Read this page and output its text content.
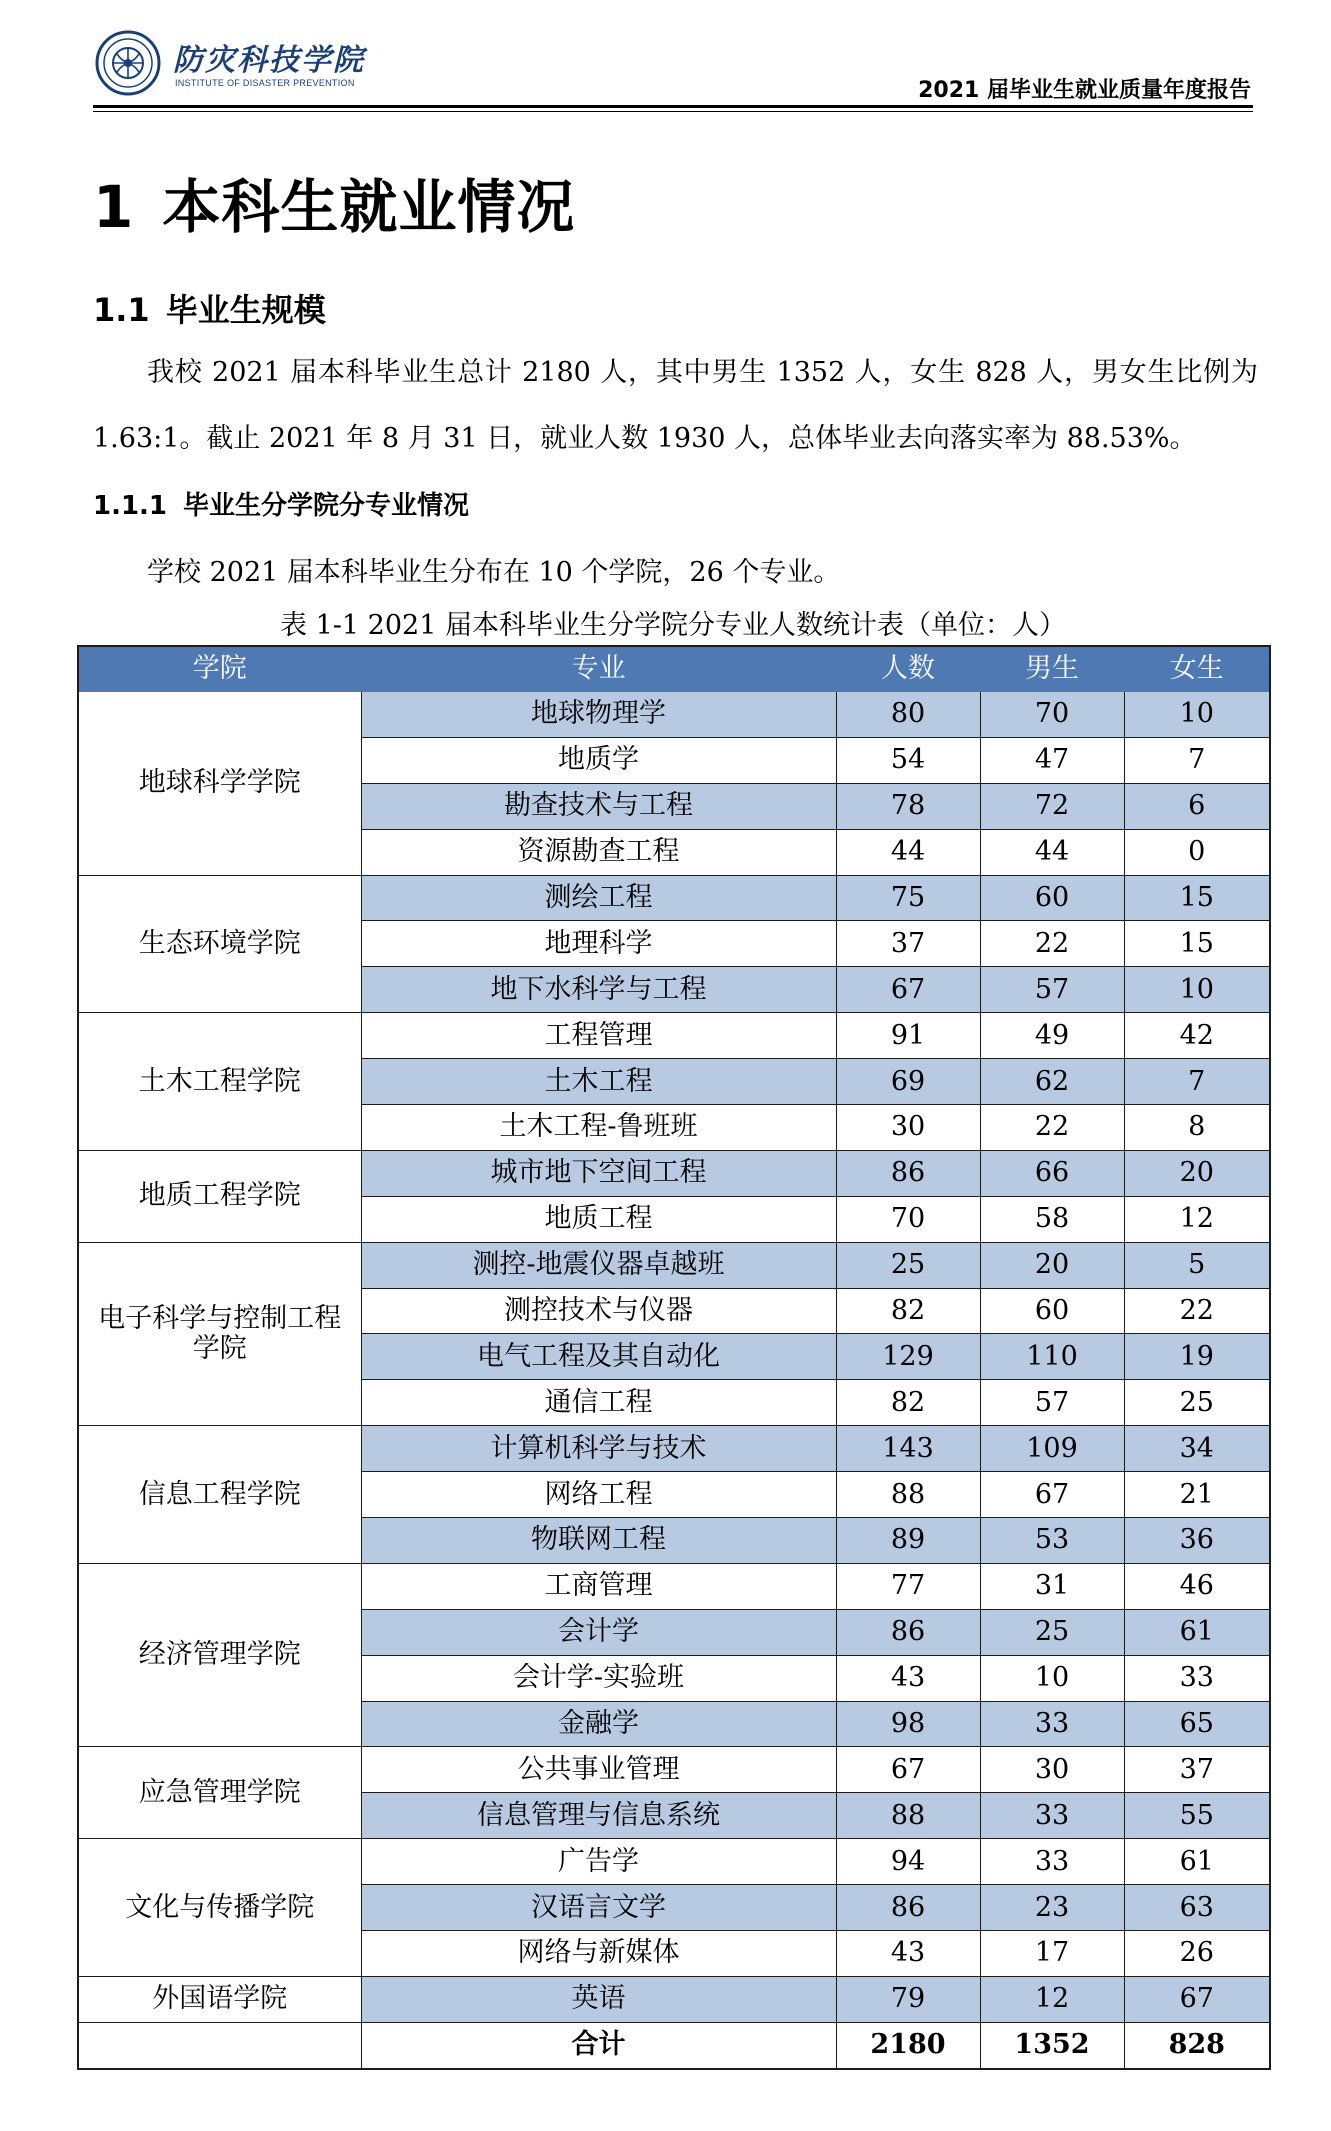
防灾科技学院
INSTITUTE OF DISASTER PREVENTION	2021 届毕业生就业质量年度报告
1 本科生就业情况
1.1 毕业生规模
我校 2021 届本科毕业生总计 2180 人，其中男生 1352 人，女生 828 人，男女生比例为 1.63:1。截止 2021 年 8 月 31 日，就业人数 1930 人，总体毕业去向落实率为 88.53%。
1.1.1 毕业生分学院分专业情况
学校 2021 届本科毕业生分布在 10 个学院，26 个专业。
表 1-1 2021 届本科毕业生分学院分专业人数统计表（单位：人）
学院	专业	人数	男生	女生
地球科学学院	地球物理学	80	70	10
	地质学	54	47	7
	勘查技术与工程	78	72	6
	资源勘查工程	44	44	0
生态环境学院	测绘工程	75	60	15
	地理科学	37	22	15
	地下水科学与工程	67	57	10
土木工程学院	工程管理	91	49	42
	土木工程	69	62	7
	土木工程-鲁班班	30	22	8
地质工程学院	城市地下空间工程	86	66	20
	地质工程	70	58	12
电子科学与控制工程学院	测控-地震仪器卓越班	25	20	5
	测控技术与仪器	82	60	22
	电气工程及其自动化	129	110	19
	通信工程	82	57	25
信息工程学院	计算机科学与技术	143	109	34
	网络工程	88	67	21
	物联网工程	89	53	36
经济管理学院	工商管理	77	31	46
	会计学	86	25	61
	会计学-实验班	43	10	33
	金融学	98	33	65
应急管理学院	公共事业管理	67	30	37
	信息管理与信息系统	88	33	55
文化与传播学院	广告学	94	33	61
	汉语言文学	86	23	63
	网络与新媒体	43	17	26
外国语学院	英语	79	12	67
	合计	2180	1352	828
